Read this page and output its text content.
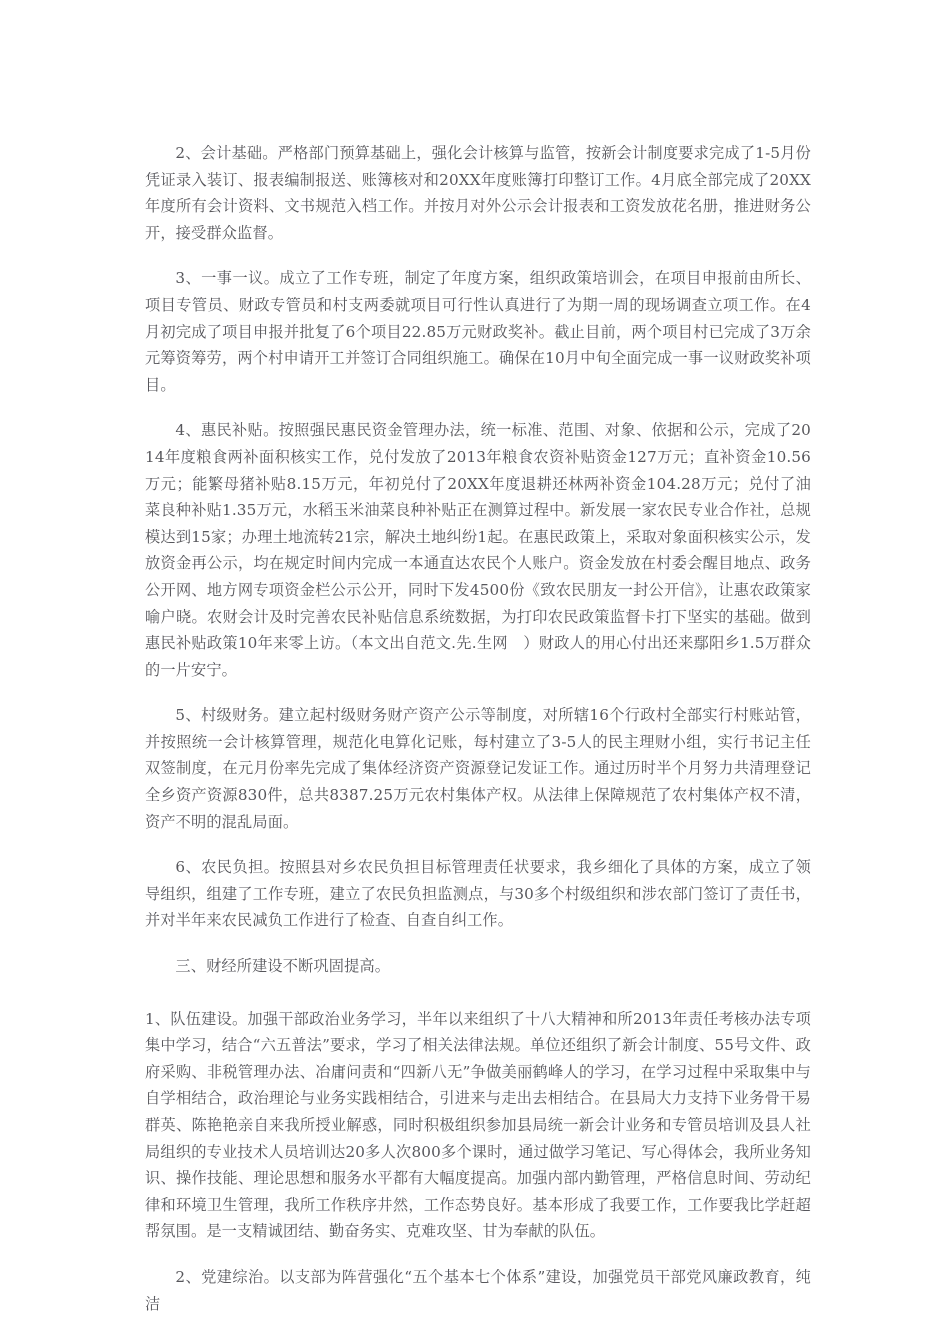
2、会计基础。严格部门预算基础上，强化会计核算与监管，按新会计制度要求完成了1-5月份凭证录入装订、报表编制报送、账簿核对和20XX年度账簿打印整订工作。4月底全部完成了20XX年度所有会计资料、文书规范入档工作。并按月对外公示会计报表和工资发放花名册，推进财务公开，接受群众监督。

3、一事一议。成立了工作专班，制定了年度方案，组织政策培训会，在项目申报前由所长、项目专管员、财政专管员和村支两委就项目可行性认真进行了为期一周的现场调查立项工作。在4月初完成了项目申报并批复了6个项目22.85万元财政奖补。截止目前，两个项目村已完成了3万余元筹资筹劳，两个村申请开工并签订合同组织施工。确保在10月中旬全面完成一事一议财政奖补项目。

4、惠民补贴。按照强民惠民资金管理办法，统一标准、范围、对象、依据和公示，完成了2014年度粮食两补面积核实工作，兑付发放了2013年粮食农资补贴资金127万元；直补资金10.56万元；能繁母猪补贴8.15万元，年初兑付了20XX年度退耕还林两补资金104.28万元；兑付了油菜良种补贴1.35万元，水稻玉米油菜良种补贴正在测算过程中。新发展一家农民专业合作社，总规模达到15家；办理土地流转21宗，解决土地纠纷1起。在惠民政策上，采取对象面积核实公示，发放资金再公示，均在规定时间内完成一本通直达农民个人账户。资金发放在村委会醒目地点、政务公开网、地方网专项资金栏公示公开，同时下发4500份《致农民朋友一封公开信》，让惠农政策家喻户晓。农财会计及时完善农民补贴信息系统数据，为打印农民政策监督卡打下坚实的基础。做到惠民补贴政策10年来零上访。（本文出自范文.先.生网　）财政人的用心付出还来鄢阳乡1.5万群众的一片安宁。

5、村级财务。建立起村级财务财产资产公示等制度，对所辖16个行政村全部实行村账站管，并按照统一会计核算管理，规范化电算化记账，每村建立了3-5人的民主理财小组，实行书记主任双签制度，在元月份率先完成了集体经济资产资源登记发证工作。通过历时半个月努力共清理登记全乡资产资源830件，总共8387.25万元农村集体产权。从法律上保障规范了农村集体产权不清，资产不明的混乱局面。

6、农民负担。按照县对乡农民负担目标管理责任状要求，我乡细化了具体的方案，成立了领导组织，组建了工作专班，建立了农民负担监测点，与30多个村级组织和涉农部门签订了责任书，并对半年来农民减负工作进行了检查、自查自纠工作。

三、财经所建设不断巩固提高。

1、队伍建设。加强干部政治业务学习，半年以来组织了十八大精神和所2013年责任考核办法专项集中学习，结合“六五普法”要求，学习了相关法律法规。单位还组织了新会计制度、55号文件、政府采购、非税管理办法、冶庸问责和“四新八无”争做美丽鹤峰人的学习，在学习过程中采取集中与自学相结合，政治理论与业务实践相结合，引进来与走出去相结合。在县局大力支持下业务骨干易群英、陈艳艳亲自来我所授业解惑，同时积极组织参加县局统一新会计业务和专管员培训及县人社局组织的专业技术人员培训达20多人次800多个课时，通过做学习笔记、写心得体会，我所业务知识、操作技能、理论思想和服务水平都有大幅度提高。加强内部内勤管理，严格信息时间、劳动纪律和环境卫生管理，我所工作秩序井然，工作态势良好。基本形成了我要工作，工作要我比学赶超帮氛围。是一支精诚团结、勤奋务实、克难攻坚、甘为奉献的队伍。

2、党建综治。以支部为阵营强化“五个基本七个体系”建设，加强党员干部党风廉政教育，纯洁
